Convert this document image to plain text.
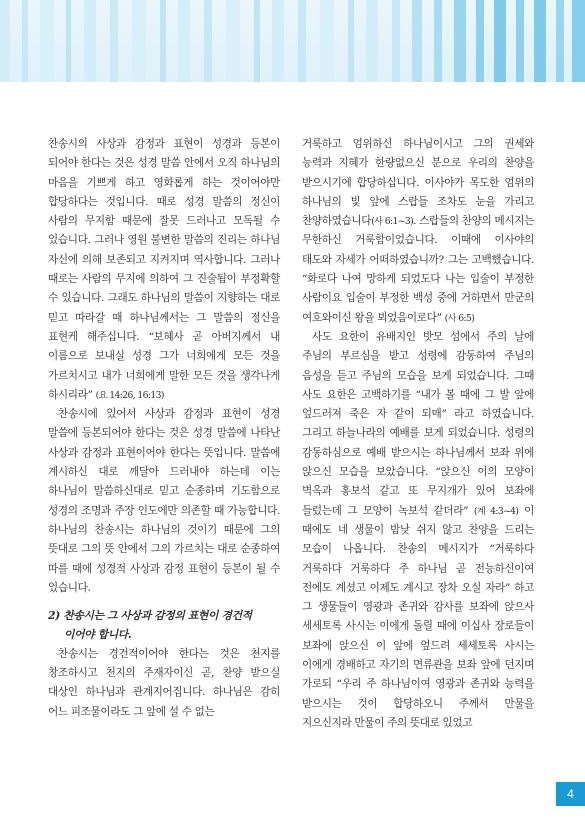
찬송시의 사상과 감정과 표현이 성경과 등본이 되어야 한다는 것은 성경 말씀 안에서 오직 하나님의 마음을 기쁘게 하고 영화롭게 하는 것이어야만 합당하다는 것입니다. 때로 성경 말씀의 정신이 사람의 무지함 때문에 잘못 드러나고 모독될 수 있습니다. 그러나 영원 불변한 말씀의 진리는 하나님 자신에 의해 보존되고 지켜지며 역사합니다. 그러나 때로는 사람의 무지에 의하여 그 진술됨이 부정확할 수 있습니다. 그래도 하나님의 말씀이 지향하는 대로 믿고 따라갈 때 하나님께서는 그 말씀의 정신을 표현케 해주십니다. “보혜사 곧 아버지께서 내 이름으로 보내실 성경 그가 너희에게 모든 것을 가르치시고 내가 너희에게 말한 모든 것을 생각나게 하시리라” (요 14:26, 16:13)

찬송시에 있어서 사상과 감정과 표현이 성경 말씀에 등본되어야 한다는 것은 성경 말씀에 나타난 사상과 감정과 표현이어야 한다는 뜻입니다. 말씀에 계시하신 대로 깨달아 드러내야 하는데 이는 하나님이 말씀하신대로 믿고 순종하며 기도함으로 성경의 조명과 주장 인도에만 의존할 때 가능합니다. 하나님의 찬송시는 하나님의 것이기 때문에 그의 뜻대로 그의 뜻 안에서 그의 가르치는 대로 순종하여 따를 때에 성경적 사상과 감정 표현이 등본이 될 수 있습니다.

2) 찬송시는 그 사상과 감정의 표현이 경건적
이어야 합니다.

찬송시는 경건적이어야 한다는 것은 천지를 창조하시고 천지의 주재자이신 곧, 찬양 받으실 대상인 하나님과 관계지어집니다. 하나님은 감히 어느 피조물이라도 그 앞에 설 수 없는

거룩하고 엄위하신 하나님이시고 그의 권세와 능력과 지혜가 한량없으신 분으로 우리의 찬양을 받으시기에 합당하십니다. 이사야가 목도한 엄위의 하나님의 빛 앞에 스랍들 조차도 눈을 가리고 찬양하였습니다(사 6:1~3). 스랍들의 찬양의 메시지는 무한하신 거룩함이었습니다. 이때에 이사야의 태도와 자세가 어떠하였습니까? 그는 고백했습니다. “화로다 나여 망하게 되었도다 나는 입술이 부정한 사람이요 입술이 부정한 백성 중에 거하면서 만군의 여호와이신 왕을 뵈었음이로다” (사 6:5)

사도 요한이 유배지인 밧모 섬에서 주의 날에 주님의 부르심을 받고 성령에 감동하여 주님의 음성을 듣고 주님의 모습을 보게 되었습니다. 그때 사도 요한은 고백하기를 “내가 볼 때에 그 발 앞에 엎드러져 죽은 자 같이 되매” 라고 하였습니다. 그리고 하늘나라의 예배를 보게 되었습니다. 성령의 감동하심으로 예배 받으시는 하나님께서 보좌 위에 앉으신 모습을 보았습니다. “앉으신 이의 모양이 벽옥과 홍보석 같고 또 무지개가 있어 보좌에 들렀는데 그 모양이 녹보석 같더라” (계 4:3~4) 이 때에도 네 생물이 밤낮 쉬지 않고 찬양을 드리는 모습이 나옵니다. 찬송의 메시지가 “거룩하다 거룩하다 거룩하다 주 하나님 곧 전능하신이여 전에도 계셨고 이제도 계시고 장차 오실 자라” 하고 그 생물들이 영광과 존귀와 감사를 보좌에 앉으사 세세토록 사시는 이에게 돌릴 때에 이십사 장로들이 보좌에 앉으신 이 앞에 엎드려 세세토록 사시는 이에게 경배하고 자기의 면류관을 보좌 앞에 던지며 가로되 “우리 주 하나님이여 영광과 존귀와 능력을 받으시는 것이 합당하오니 주께서 만물을 지으신지라 만물이 주의 뜻대로 있었고

4
